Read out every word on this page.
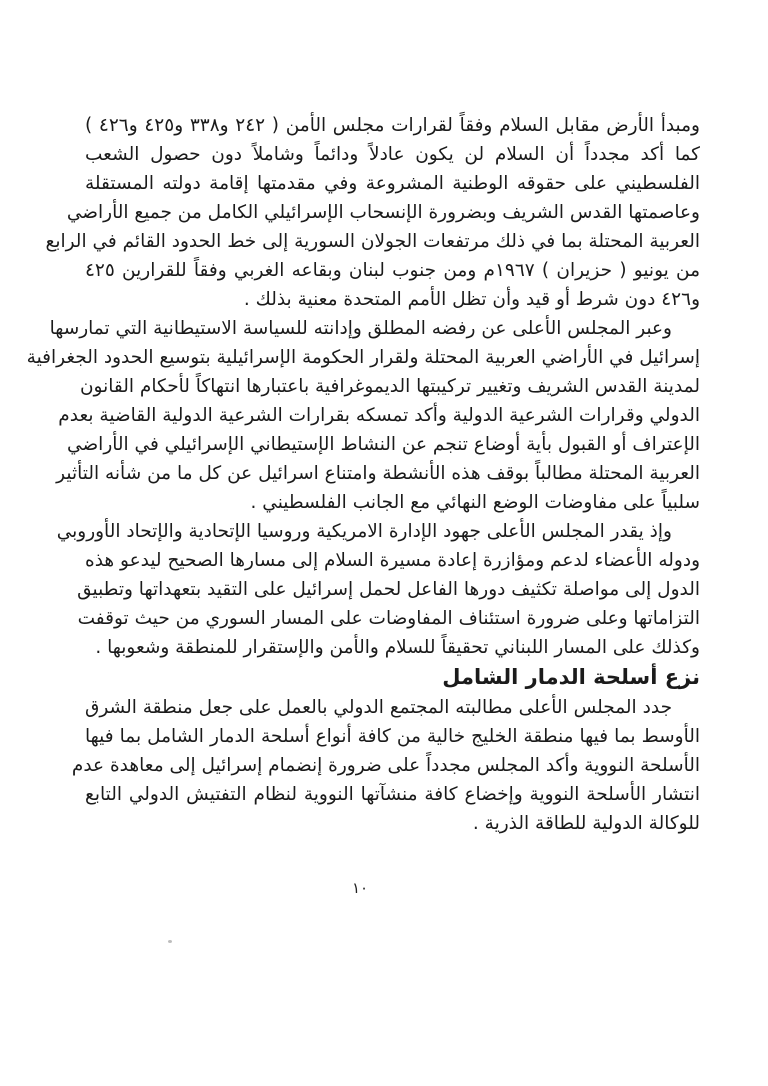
ومبدأ الأرض مقابل السلام وفقاً لقرارات مجلس الأمن ( ٢٤٢ و٣٣٨ و٤٢٥ و٤٢٦ )
كما أكد مجدداً أن السلام لن يكون عادلاً ودائماً وشاملاً دون حصول الشعب
الفلسطيني على حقوقه الوطنية المشروعة وفي مقدمتها إقامة دولته المستقلة
وعاصمتها القدس الشريف وبضرورة الإنسحاب الإسرائيلي الكامل من جميع الأراضي
العربية المحتلة بما في ذلك مرتفعات الجولان السورية إلى خط الحدود القائم في الرابع
من يونيو ( حزيران ) ١٩٦٧م ومن جنوب لبنان وبقاعه الغربي وفقاً للقرارين ٤٢٥
و٤٢٦ دون شرط أو قيد وأن تظل الأمم المتحدة معنية بذلك .
وعبر المجلس الأعلى عن رفضه المطلق وإدانته للسياسة الاستيطانية التي تمارسها
إسرائيل في الأراضي العربية المحتلة ولقرار الحكومة الإسرائيلية بتوسيع الحدود الجغرافية
لمدينة القدس الشريف وتغيير تركيبتها الديموغرافية باعتبارها انتهاكاً لأحكام القانون
الدولي وقرارات الشرعية الدولية وأكد تمسكه بقرارات الشرعية الدولية القاضية بعدم
الإعتراف أو القبول بأية أوضاع تنجم عن النشاط الإستيطاني الإسرائيلي في الأراضي
العربية المحتلة مطالباً بوقف هذه الأنشطة وامتناع اسرائيل عن كل ما من شأنه التأثير
سلبياً على مفاوضات الوضع النهائي مع الجانب الفلسطيني .
وإذ يقدر المجلس الأعلى جهود الإدارة الامريكية وروسيا الإتحادية والإتحاد الأوروبي
ودوله الأعضاء لدعم ومؤازرة إعادة مسيرة السلام إلى مسارها الصحيح ليدعو هذه
الدول إلى مواصلة تكثيف دورها الفاعل لحمل إسرائيل على التقيد بتعهداتها وتطبيق
التزاماتها وعلى ضرورة استئناف المفاوضات على المسار السوري من حيث توقفت
وكذلك على المسار اللبناني تحقيقاً للسلام والأمن والإستقرار للمنطقة وشعوبها .
نزع أسلحة الدمار الشامل
جدد المجلس الأعلى مطالبته المجتمع الدولي بالعمل على جعل منطقة الشرق
الأوسط بما فيها منطقة الخليج خالية من كافة أنواع أسلحة الدمار الشامل بما فيها
الأسلحة النووية وأكد المجلس مجدداً على ضرورة إنضمام إسرائيل إلى معاهدة عدم
انتشار الأسلحة النووية وإخضاع كافة منشآتها النووية لنظام التفتيش الدولي التابع
للوكالة الدولية للطاقة الذرية .
١٠
